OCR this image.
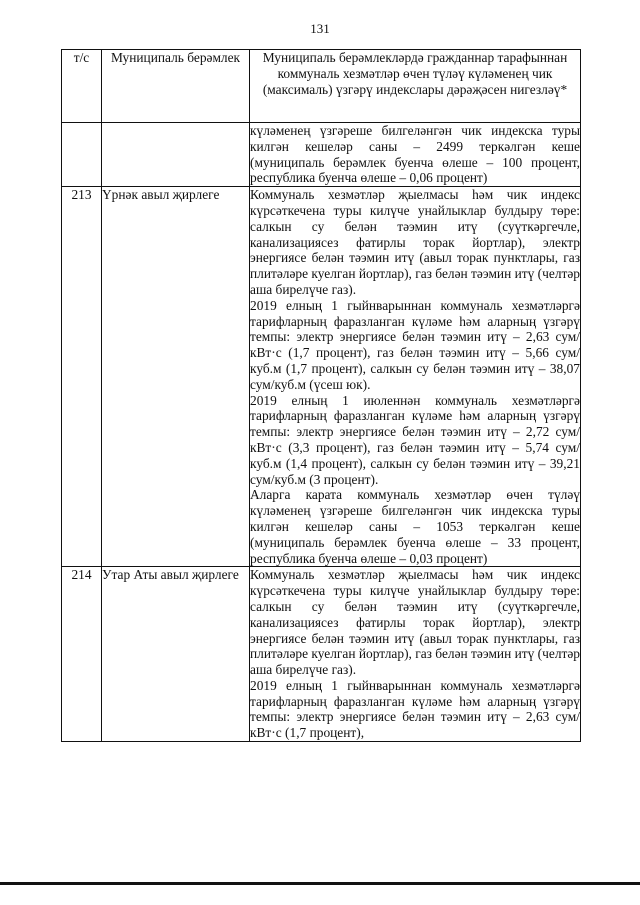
131
т/с	Муниципаль берәмлек	Муниципаль берәмлекләрдә гражданнар тарафыннан коммуналь хезмәтләр өчен түләү күләменең чик (максималь) үзгәрү индекслары дәрәҗәсен нигезләү*

		күләменең үзгәреше билгеләнгән чик индекска туры килгән кешеләр саны – 2499 теркәлгән кеше (муниципаль берәмлек буенча өлеше – 100 процент, республика буенча өлеше – 0,06 процент)

213	Үрнәк авыл җирлеге	Коммуналь хезмәтләр җыелмасы һәм чик индекс күрсәткечена туры килүче унайлыклар булдыру төре: салкын су белән тәэмин итү (суүткәргечле, канализациясез фатирлы торак йортлар), электр энергиясе белән тәэмин итү (авыл торак пунктлары, газ плитәләре куелган йортлар), газ белән тәэмин итү (челтәр аша бирелүче газ).

2019 елның 1 гыйнварыннан коммуналь хезмәтләргә тарифларның фаразланган күләме һәм аларның үзгәрү темпы: электр энергиясе белән тәэмин итү – 2,63 сум/кВт·с (1,7 процент), газ белән тәэмин итү – 5,66 сум/куб.м (1,7 процент), салкын су белән тәэмин итү – 38,07 сум/куб.м (үсеш юк).

2019 елның 1 июленнән коммуналь хезмәтләргә тарифларның фаразланган күләме һәм аларның үзгәрү темпы: электр энергиясе белән тәэмин итү – 2,72 сум/кВт·с (3,3 процент), газ белән тәэмин итү – 5,74 сум/куб.м (1,4 процент), салкын су белән тәэмин итү – 39,21 сум/куб.м (3 процент).

Аларга карата коммуналь хезмәтләр өчен түләү күләменең үзгәреше билгеләнгән чик индекска туры килгән кешеләр саны – 1053 теркәлгән кеше (муниципаль берәмлек буенча өлеше – 33 процент, республика буенча өлеше – 0,03 процент)

214	Утар Аты авыл җирлеге	Коммуналь хезмәтләр җыелмасы һәм чик индекс күрсәткечена туры килүче унайлыклар булдыру төре: салкын су белән тәэмин итү (суүткәргечле, канализациясез фатирлы торак йортлар), электр энергиясе белән тәэмин итү (авыл торак пунктлары, газ плитәләре куелган йортлар), газ белән тәэмин итү (челтәр аша бирелүче газ).

2019 елның 1 гыйнварыннан коммуналь хезмәтләргә тарифларның фаразланган күләме һәм аларның үзгәрү темпы: электр энергиясе белән тәэмин итү – 2,63 сум/кВт·с (1,7 процент),
